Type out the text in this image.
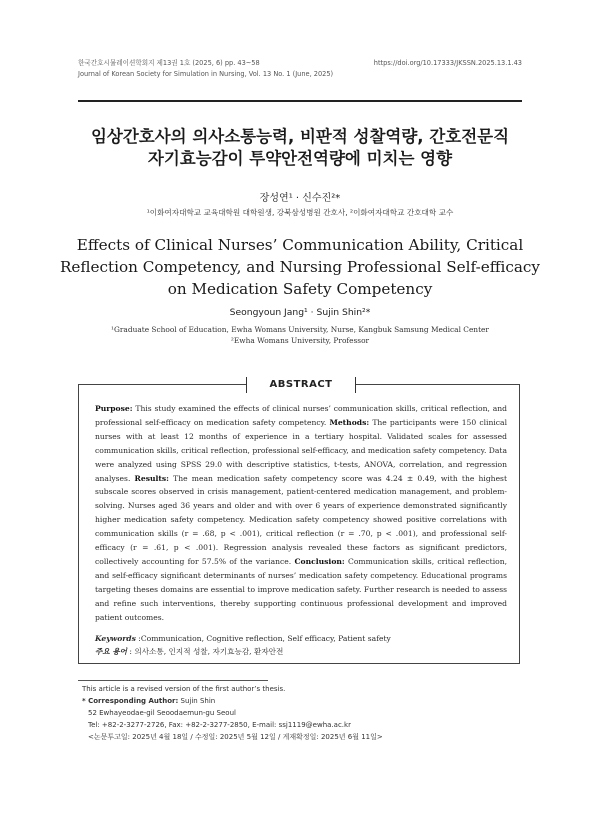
한국간호시뮬레이션학회지 제13권 1호 (2025, 6) pp. 43~58	https://doi.org/10.17333/JKSSN.2025.13.1.43
Journal of Korean Society for Simulation in Nursing, Vol. 13 No. 1 (June, 2025)
임상간호사의 의사소통능력, 비판적 성찰역량, 간호전문직
자기효능감이 투약안전역량에 미치는 영향
장성연¹ · 신수진²*
¹이화여자대학교 교육대학원 대학원생, 강북삼성병원 간호사, ²이화여자대학교 간호대학 교수
Effects of Clinical Nurses’ Communication Ability, Critical
Reflection Competency, and Nursing Professional Self-efficacy
on Medication Safety Competency
Seongyoun Jang¹ · Sujin Shin²*
¹Graduate School of Education, Ewha Womans University, Nurse, Kangbuk Samsung Medical Center
²Ewha Womans University, Professor
ABSTRACT
Purpose: This study examined the effects of clinical nurses’ communication skills, critical reflection, and professional self-efficacy on medication safety competency. Methods: The participants were 150 clinical nurses with at least 12 months of experience in a tertiary hospital. Validated scales for assessed communication skills, critical reflection, professional self-efficacy, and medication safety competency. Data were analyzed using SPSS 29.0 with descriptive statistics, t-tests, ANOVA, correlation, and regression analyses. Results: The mean medication safety competency score was 4.24 ± 0.49, with the highest subscale scores observed in crisis management, patient-centered medication management, and problem-solving. Nurses aged 36 years and older and with over 6 years of experience demonstrated significantly higher medication safety competency. Medication safety competency showed positive correlations with communication skills (r = .68, p < .001), critical reflection (r = .70, p < .001), and professional self-efficacy (r = .61, p < .001). Regression analysis revealed these factors as significant predictors, collectively accounting for 57.5% of the variance. Conclusion: Communication skills, critical reflection, and self-efficacy significant determinants of nurses’ medication safety competency. Educational programs targeting theses domains are essential to improve medication safety. Further research is needed to assess and refine such interventions, thereby supporting continuous professional development and improved patient outcomes.
Keywords :Communication, Cognitive reflection, Self efficacy, Patient safety
주요 용어 : 의사소통, 인지적 성찰, 자기효능감, 환자안전
This article is a revised version of the first author’s thesis.
* Corresponding Author: Sujin Shin
52 Ewhayeodae-gil Seoodaemun-gu Seoul
Tel: +82-2-3277-2726, Fax: +82-2-3277-2850, E-mail: ssj1119@ewha.ac.kr
<논문투고일: 2025년 4월 18일 / 수정일: 2025년 5월 12일 / 게재확정일: 2025년 6월 11일>
